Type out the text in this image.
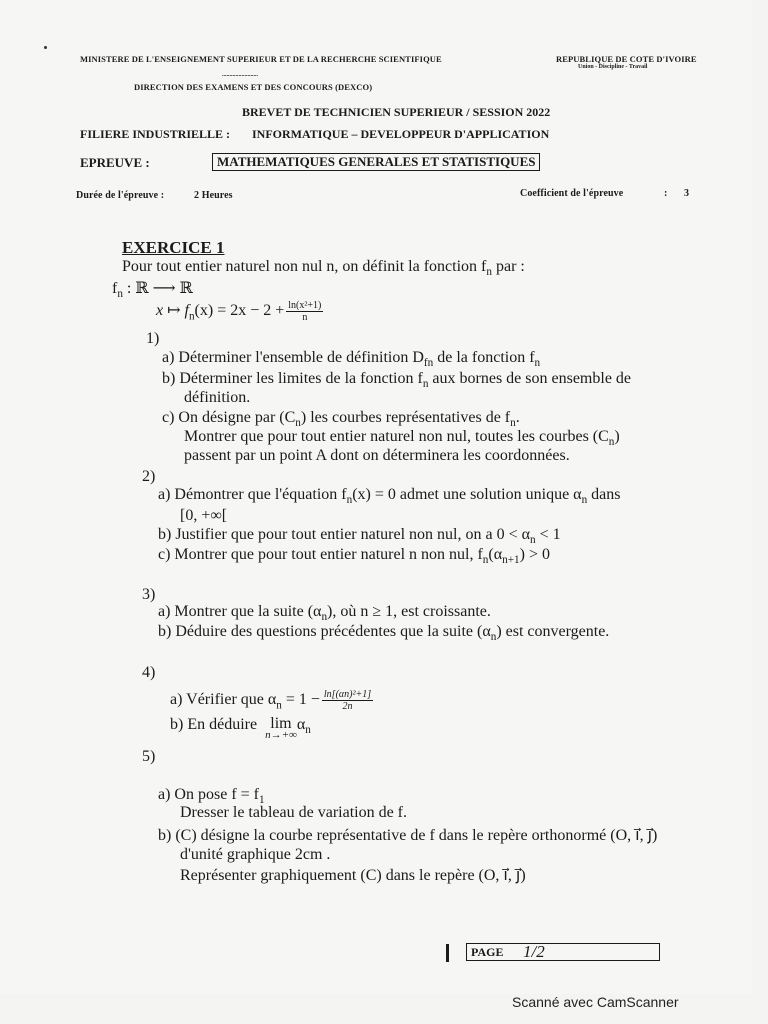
MINISTERE DE L'ENSEIGNEMENT SUPERIEUR ET DE LA RECHERCHE SCIENTIFIQUE	REPUBLIQUE DE COTE D'IVOIRE
Union - Discipline - Travail
........................
DIRECTION DES EXAMENS ET DES CONCOURS (DEXCO)
BREVET DE TECHNICIEN SUPERIEUR / SESSION 2022
FILIERE INDUSTRIELLE : INFORMATIQUE – DEVELOPPEUR D'APPLICATION
EPREUVE :	MATHEMATIQUES GENERALES ET STATISTIQUES
Durée de l'épreuve :	2 Heures	Coefficient de l'épreuve	: 3
EXERCICE 1
Pour tout entier naturel non nul n, on définit la fonction $f_n$ par :
$f_n$ : ℝ ⟶ ℝ
x ↦ $f_n(x) = 2x - 2 + \frac{\text{ln(x²+1)}}{n}$
1)
a) Déterminer l'ensemble de définition $D_{fn}$ de la fonction $f_n$
b) Déterminer les limites de la fonction $f_n$ aux bornes de son ensemble de
définition.
c) On désigne par $(C_n)$ les courbes représentatives de $f_n$.
Montrer que pour tout entier naturel non nul, toutes les courbes $(C_n)$
passent par un point A dont on déterminera les coordonnées.
2)
a) Démontrer que l'équation $f_n(x) = 0$ admet une solution unique $\alpha_n$ dans
[0, +∞[
b) Justifier que pour tout entier naturel non nul, on a $0 < \alpha_n < 1$
c) Montrer que pour tout entier naturel n non nul, $f_n(\alpha_{n+1}) > 0$
3)
a) Montrer que la suite $(\alpha_n)$, où n ≥ 1, est croissante.
b) Déduire des questions précédentes que la suite $(\alpha_n)$ est convergente.
4)
a) Vérifier que $\alpha_n = 1 - \frac{\text{ln[(αn)²+1]}}{2n}$
b) En déduire lim
n→+∞
$\alpha_n$
5)
a) On pose $f = f_1$
Dresser le tableau de variation de f.
b) (C) désigne la courbe représentative de f dans le repère orthonormé (O, i⃗, j⃗)
d'unité graphique 2cm .
Représenter graphiquement (C) dans le repère (O, i⃗, j⃗)
PAGE 1/2
Scanné avec CamScanner
